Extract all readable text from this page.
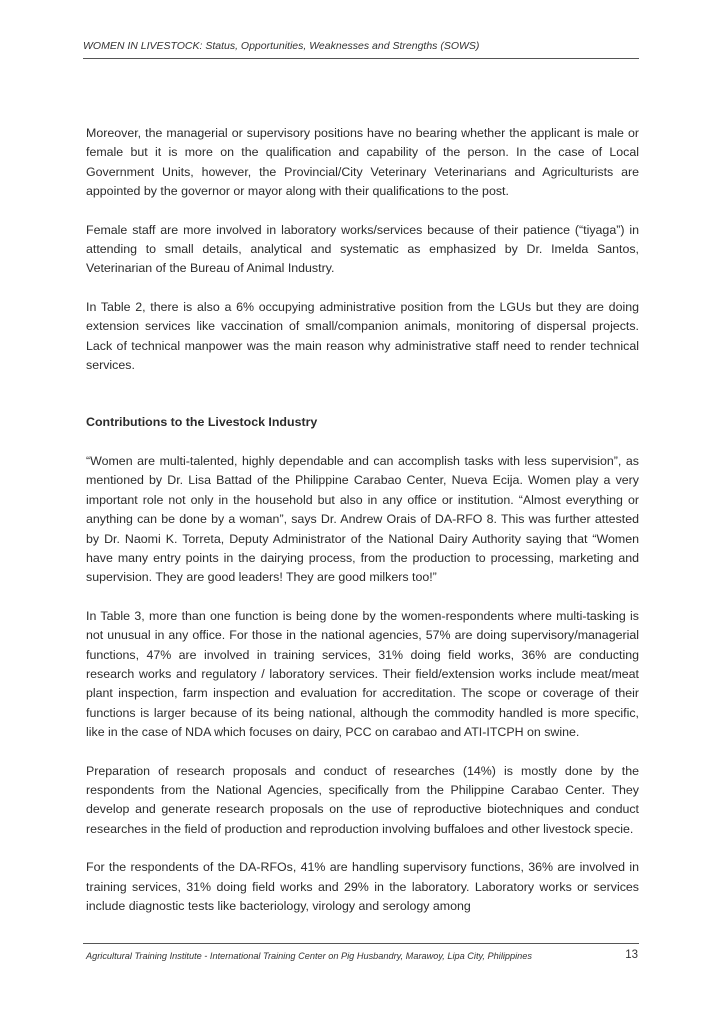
WOMEN IN LIVESTOCK: Status, Opportunities, Weaknesses and Strengths (SOWS)

Moreover, the managerial or supervisory positions have no bearing whether the applicant is male or female but it is more on the qualification and capability of the person. In the case of Local Government Units, however, the Provincial/City Veterinary Veterinarians and Agriculturists are appointed by the governor or mayor along with their qualifications to the post.

Female staff are more involved in laboratory works/services because of their patience (“tiyaga”) in attending to small details, analytical and systematic as emphasized by Dr. Imelda Santos, Veterinarian of the Bureau of Animal Industry.

In Table 2, there is also a 6% occupying administrative position from the LGUs but they are doing extension services like vaccination of small/companion animals, monitoring of dispersal projects. Lack of technical manpower was the main reason why administrative staff need to render technical services.

Contributions to the Livestock Industry

“Women are multi-talented, highly dependable and can accomplish tasks with less supervision”, as mentioned by Dr. Lisa Battad of the Philippine Carabao Center, Nueva Ecija. Women play a very important role not only in the household but also in any office or institution. “Almost everything or anything can be done by a woman”, says Dr. Andrew Orais of DA-RFO 8. This was further attested by Dr. Naomi K. Torreta, Deputy Administrator of the National Dairy Authority saying that “Women have many entry points in the dairying process, from the production to processing, marketing and supervision. They are good leaders! They are good milkers too!”

In Table 3, more than one function is being done by the women-respondents where multi-tasking is not unusual in any office. For those in the national agencies, 57% are doing supervisory/managerial functions, 47% are involved in training services, 31% doing field works, 36% are conducting research works and regulatory / laboratory services. Their field/extension works include meat/meat plant inspection, farm inspection and evaluation for accreditation. The scope or coverage of their functions is larger because of its being national, although the commodity handled is more specific, like in the case of NDA which focuses on dairy, PCC on carabao and ATI-ITCPH on swine.

Preparation of research proposals and conduct of researches (14%) is mostly done by the respondents from the National Agencies, specifically from the Philippine Carabao Center. They develop and generate research proposals on the use of reproductive biotechniques and conduct researches in the field of production and reproduction involving buffaloes and other livestock specie.

For the respondents of the DA-RFOs, 41% are handling supervisory functions, 36% are involved in training services, 31% doing field works and 29% in the laboratory. Laboratory works or services include diagnostic tests like bacteriology, virology and serology among

Agricultural Training Institute - International Training Center on Pig Husbandry, Marawoy, Lipa City, Philippines	13
